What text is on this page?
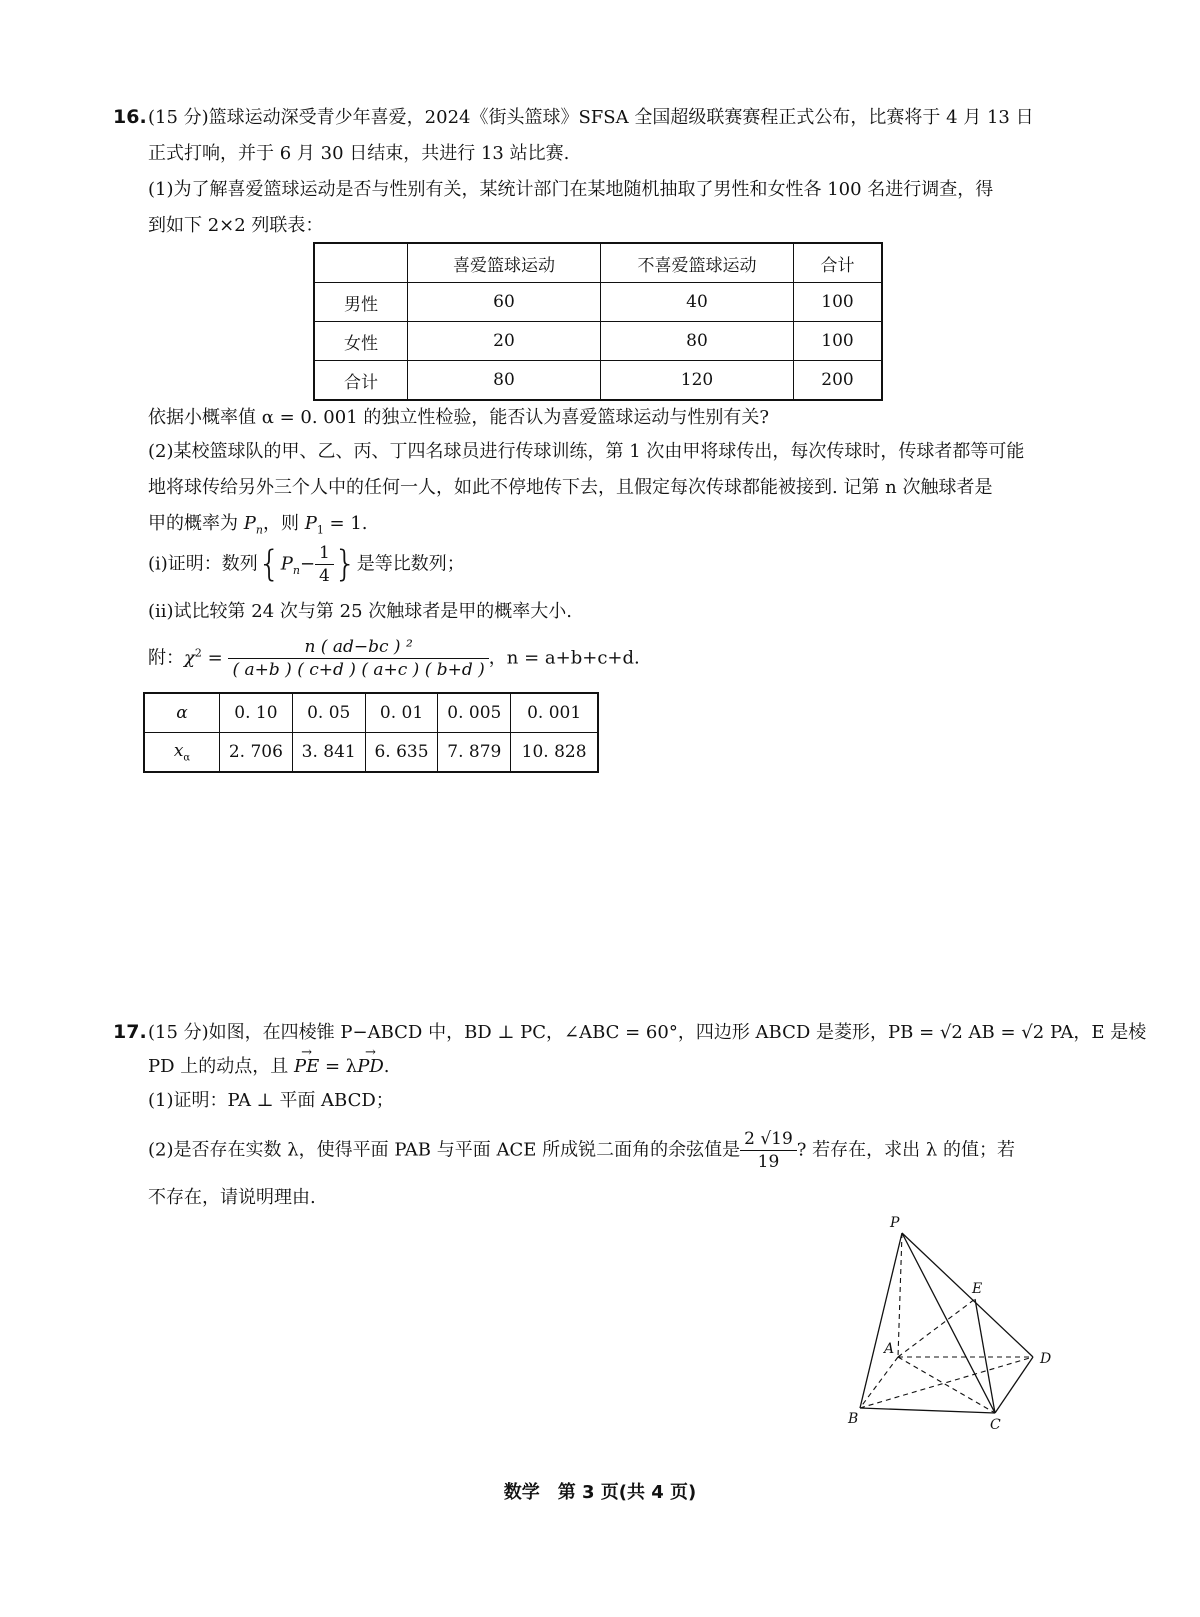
16. (15 分)篮球运动深受青少年喜爱，2024《街头篮球》SFSA 全国超级联赛赛程正式公布，比赛将于 4 月 13 日
正式打响，并于 6 月 30 日结束，共进行 13 站比赛.
(1)为了解喜爱篮球运动是否与性别有关，某统计部门在某地随机抽取了男性和女性各 100 名进行调查，得
到如下 2×2 列联表：
	喜爱篮球运动	不喜爱篮球运动	合计
男性	60	40	100
女性	20	80	100
合计	80	120	200
依据小概率值 α = 0. 001 的独立性检验，能否认为喜爱篮球运动与性别有关?
(2)某校篮球队的甲、乙、丙、丁四名球员进行传球训练，第 1 次由甲将球传出，每次传球时，传球者都等可能
地将球传给另外三个人中的任何一人，如此不停地传下去，且假定每次传球都能被接到. 记第 n 次触球者是
甲的概率为 $P_n$，则 $P_1 = 1$.
(ⅰ)证明：数列{$P_n- \frac{1}{4}$ }是等比数列；
(ⅱ)试比较第 24 次与第 25 次触球者是甲的概率大小.
附：$\chi^2 = \frac{\text{n ( ad−bc ) ²}}{( a+b ) ( c+d ) ( a+c ) ( b+d )}$ ，n = a+b+c+d.
α	0. 10	0. 05	0. 01	0. 005	0. 001
$x_\alpha$	2. 706	3. 841	6. 635	7. 879	10. 828
17. (15 分)如图，在四棱锥 P−ABCD 中，BD ⊥ PC，∠ABC = 60°，四边形 ABCD 是菱形，PB = √2 AB = √2 PA，E 是棱
PD 上的动点，且 → PE = λ→ PD.
(1)证明：PA ⊥ 平面 ABCD；
(2)是否存在实数 λ，使得平面 PAB 与平面 ACE 所成锐二面角的余弦值是 $\frac{2 √19}{19}$ ? 若存在，求出 λ 的值；若
不存在，请说明理由.
P
A
B	C
D
E
数学　第 3 页(共 4 页)
